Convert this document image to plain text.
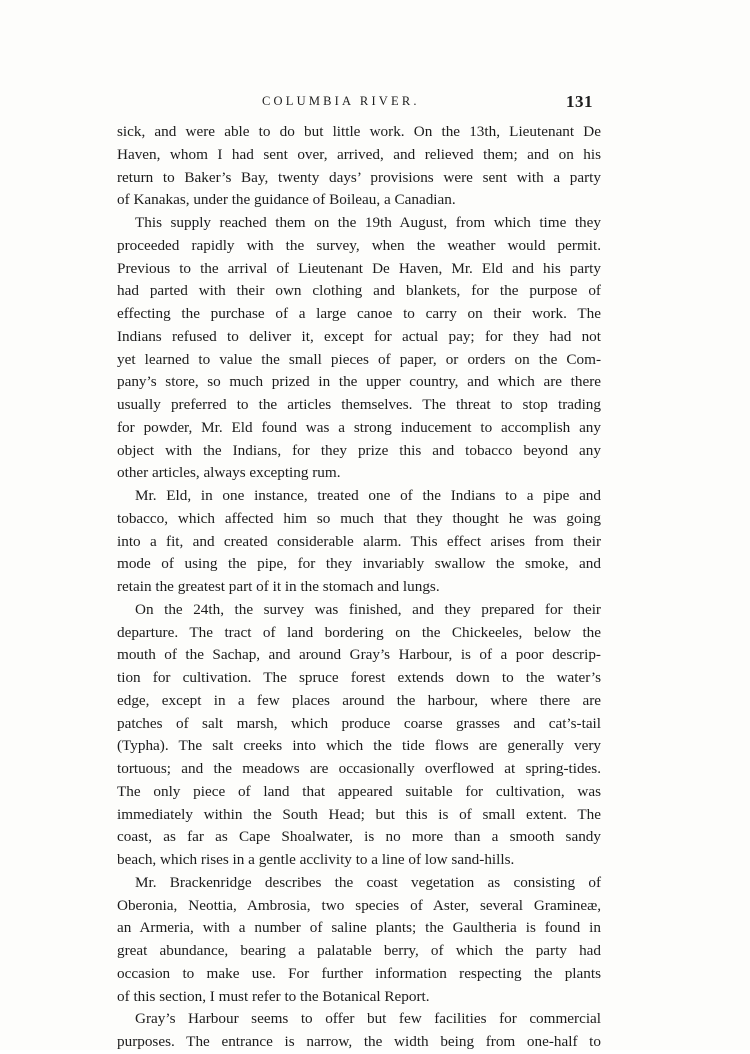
COLUMBIA RIVER.	131
sick, and were able to do but little work. On the 13th, Lieutenant De
Haven, whom I had sent over, arrived, and relieved them; and on his
return to Baker’s Bay, twenty days’ provisions were sent with a party
of Kanakas, under the guidance of Boileau, a Canadian.
This supply reached them on the 19th August, from which time they
proceeded rapidly with the survey, when the weather would permit.
Previous to the arrival of Lieutenant De Haven, Mr. Eld and his party
had parted with their own clothing and blankets, for the purpose of
effecting the purchase of a large canoe to carry on their work. The
Indians refused to deliver it, except for actual pay; for they had not
yet learned to value the small pieces of paper, or orders on the Com-
pany’s store, so much prized in the upper country, and which are there
usually preferred to the articles themselves. The threat to stop trading
for powder, Mr. Eld found was a strong inducement to accomplish any
object with the Indians, for they prize this and tobacco beyond any
other articles, always excepting rum.
Mr. Eld, in one instance, treated one of the Indians to a pipe and
tobacco, which affected him so much that they thought he was going
into a fit, and created considerable alarm. This effect arises from their
mode of using the pipe, for they invariably swallow the smoke, and
retain the greatest part of it in the stomach and lungs.
On the 24th, the survey was finished, and they prepared for their
departure. The tract of land bordering on the Chickeeles, below the
mouth of the Sachap, and around Gray’s Harbour, is of a poor descrip-
tion for cultivation. The spruce forest extends down to the water’s
edge, except in a few places around the harbour, where there are
patches of salt marsh, which produce coarse grasses and cat’s-tail
(Typha). The salt creeks into which the tide flows are generally very
tortuous; and the meadows are occasionally overflowed at spring-tides.
The only piece of land that appeared suitable for cultivation, was
immediately within the South Head; but this is of small extent. The
coast, as far as Cape Shoalwater, is no more than a smooth sandy
beach, which rises in a gentle acclivity to a line of low sand-hills.
Mr. Brackenridge describes the coast vegetation as consisting of
Oberonia, Neottia, Ambrosia, two species of Aster, several Gramineæ,
an Armeria, with a number of saline plants; the Gaultheria is found in
great abundance, bearing a palatable berry, of which the party had
occasion to make use. For further information respecting the plants
of this section, I must refer to the Botanical Report.
Gray’s Harbour seems to offer but few facilities for commercial
purposes. The entrance is narrow, the width being from one-half to
